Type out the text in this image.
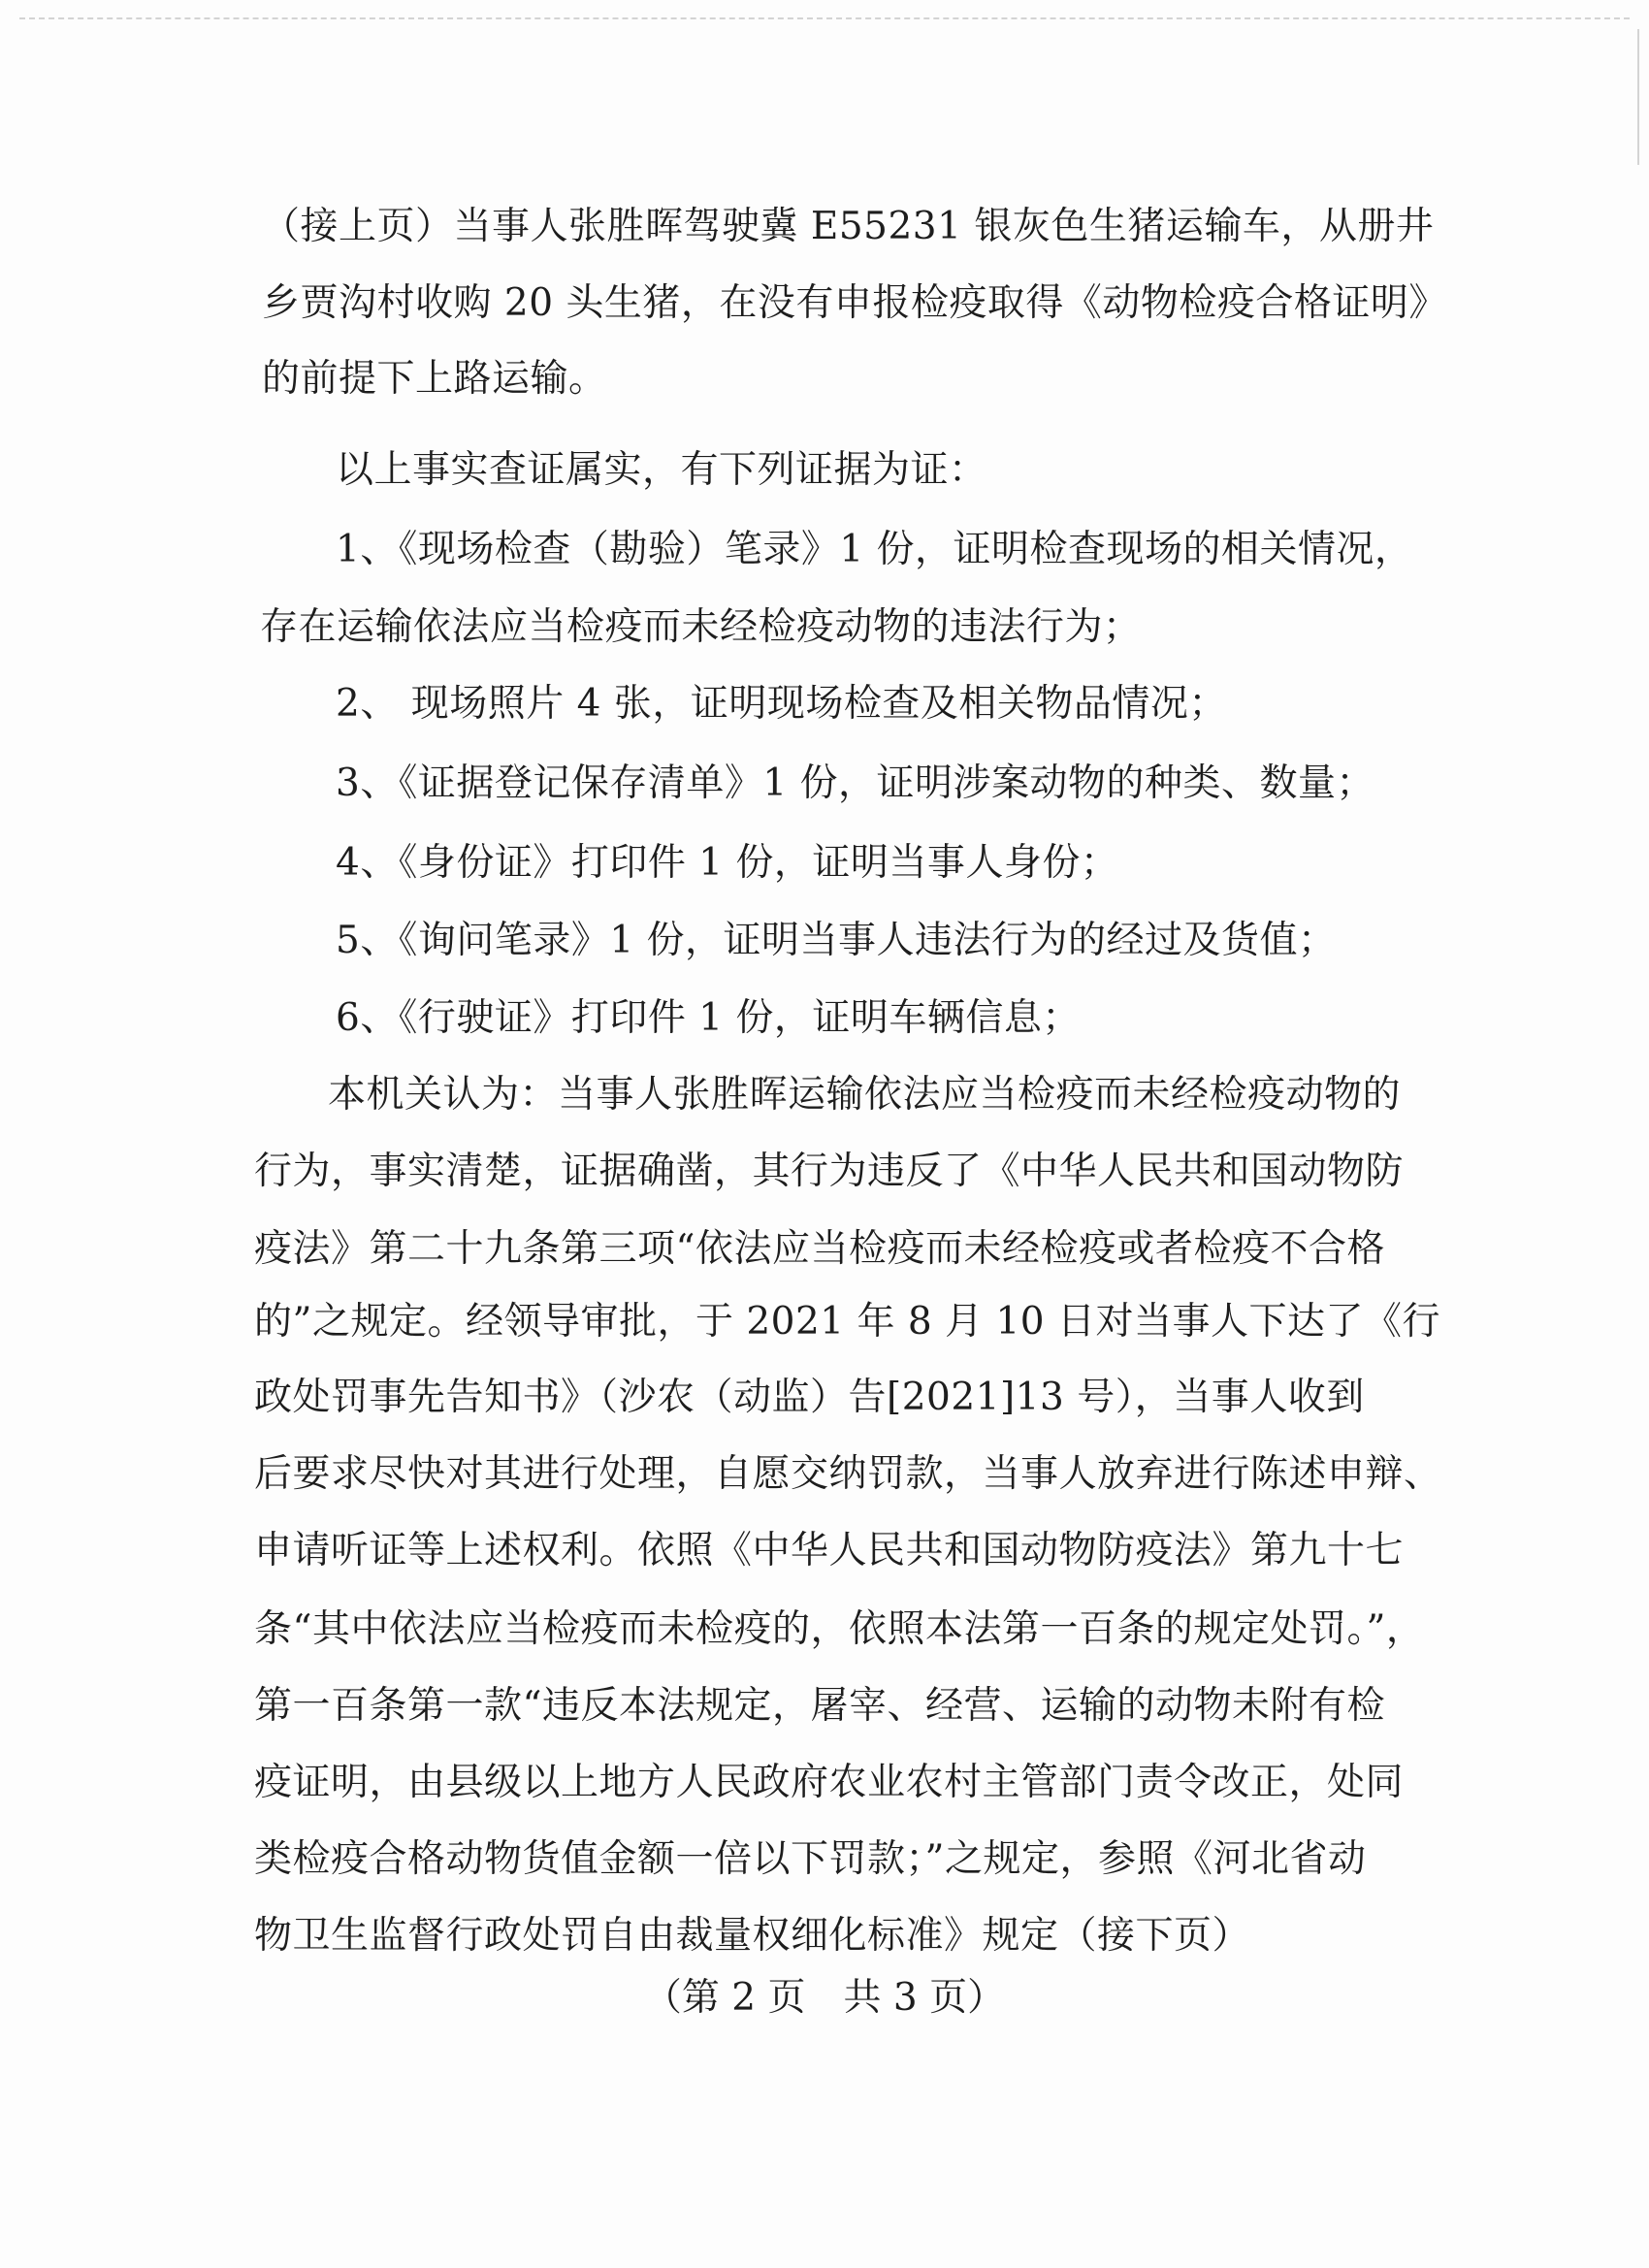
（接上页）当事人张胜晖驾驶冀 E55231 银灰色生猪运输车，从册井
乡贾沟村收购 20 头生猪，在没有申报检疫取得《动物检疫合格证明》
的前提下上路运输。
以上事实查证属实，有下列证据为证：
1、《现场检查（勘验）笔录》1 份，证明检查现场的相关情况，
存在运输依法应当检疫而未经检疫动物的违法行为；
2、 现场照片 4 张，证明现场检查及相关物品情况；
3、《证据登记保存清单》1 份，证明涉案动物的种类、数量；
4、《身份证》打印件 1 份，证明当事人身份；
5、《询问笔录》1 份，证明当事人违法行为的经过及货值；
6、《行驶证》打印件 1 份，证明车辆信息；
本机关认为：当事人张胜晖运输依法应当检疫而未经检疫动物的
行为，事实清楚，证据确凿，其行为违反了《中华人民共和国动物防
疫法》第二十九条第三项“依法应当检疫而未经检疫或者检疫不合格
的”之规定。经领导审批，于 2021 年 8 月 10 日对当事人下达了《行
政处罚事先告知书》（沙农（动监）告[2021]13 号），当事人收到
后要求尽快对其进行处理，自愿交纳罚款，当事人放弃进行陈述申辩、
申请听证等上述权利。依照《中华人民共和国动物防疫法》第九十七
条“其中依法应当检疫而未检疫的，依照本法第一百条的规定处罚。”，
第一百条第一款“违反本法规定，屠宰、经营、运输的动物未附有检
疫证明，由县级以上地方人民政府农业农村主管部门责令改正，处同
类检疫合格动物货值金额一倍以下罚款；”之规定，参照《河北省动
物卫生监督行政处罚自由裁量权细化标准》规定（接下页）
（第 2 页　共 3 页）
